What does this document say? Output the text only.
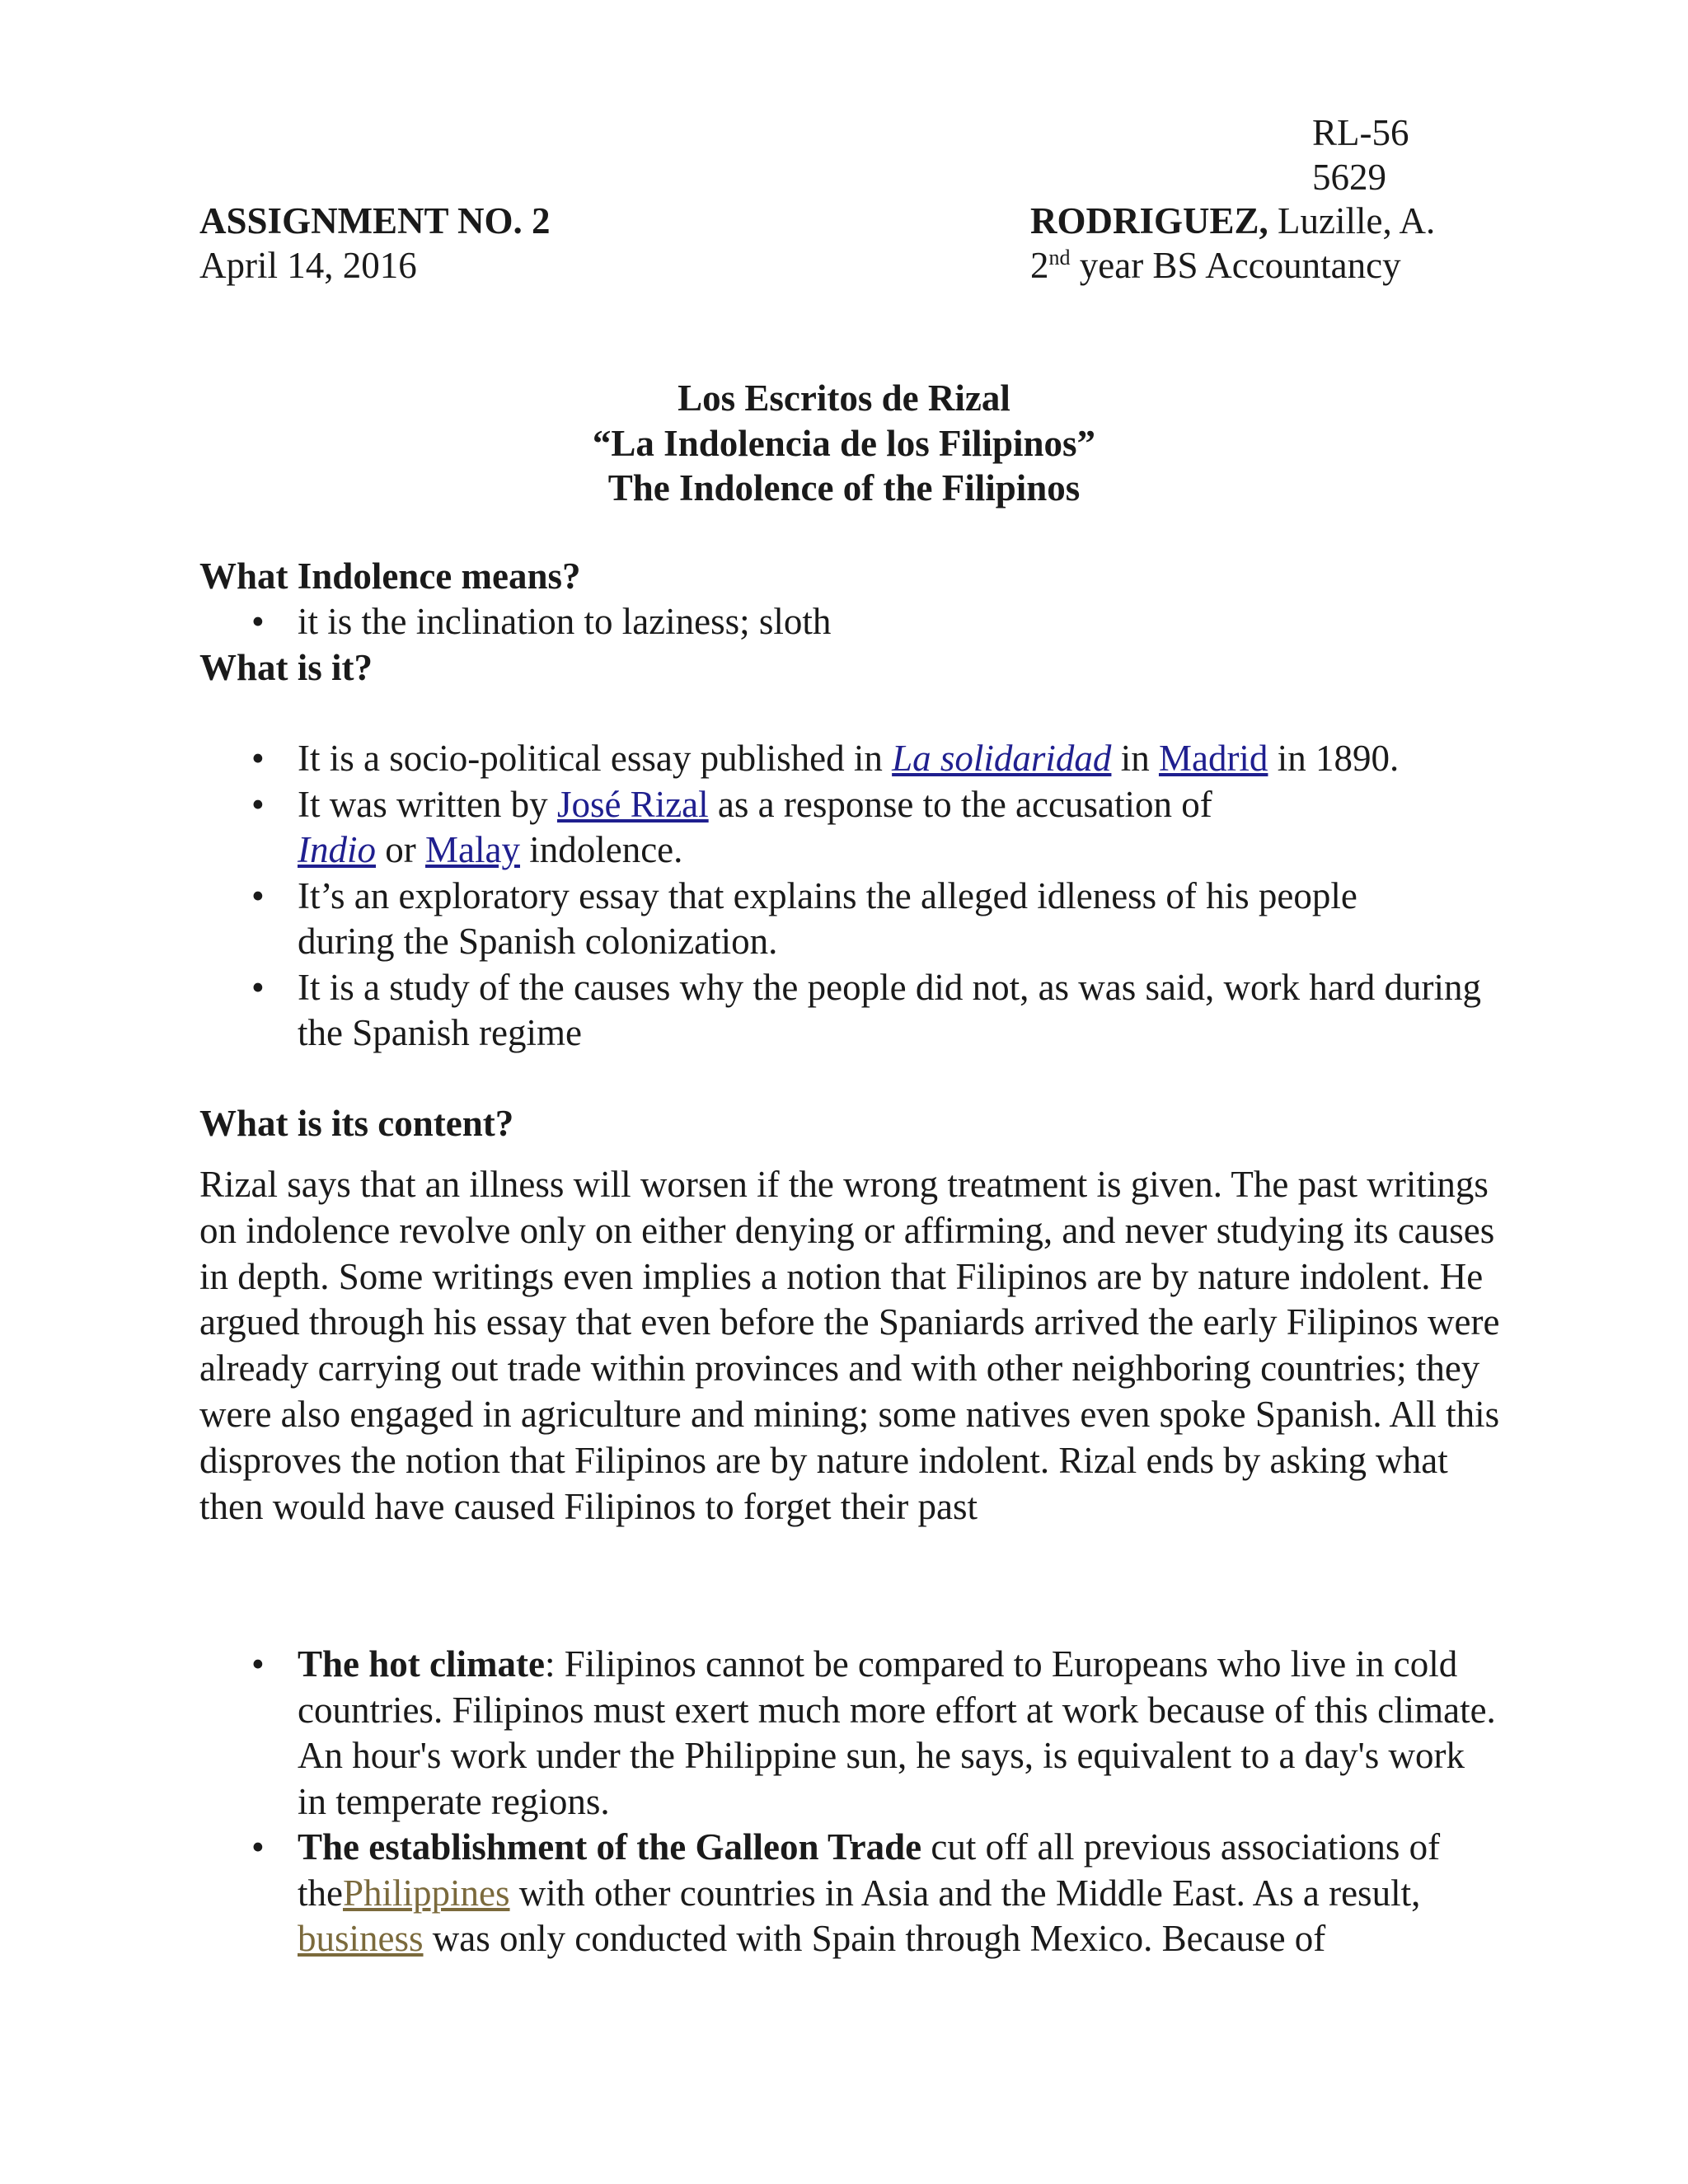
RL-56
5629
ASSIGNMENT NO. 2
April 14, 2016
RODRIGUEZ, Luzille, A.
2nd year BS Accountancy
Los Escritos de Rizal
“La Indolencia de los Filipinos”
The Indolence of the Filipinos
What Indolence means?
• it is the inclination to laziness; sloth
What is it?
• It is a socio-political essay published in La solidaridad in Madrid in 1890.
• It was written by José Rizal as a response to the accusation of Indio or Malay indolence.
• It’s an exploratory essay that explains the alleged idleness of his people during the Spanish colonization.
• It is a study of the causes why the people did not, as was said, work hard during the Spanish regime
What is its content?
Rizal says that an illness will worsen if the wrong treatment is given. The past writings on indolence revolve only on either denying or affirming, and never studying its causes in depth. Some writings even implies a notion that Filipinos are by nature indolent. He argued through his essay that even before the Spaniards arrived the early Filipinos were already carrying out trade within provinces and with other neighboring countries; they were also engaged in agriculture and mining; some natives even spoke Spanish. All this disproves the notion that Filipinos are by nature indolent. Rizal ends by asking what then would have caused Filipinos to forget their past
• The hot climate: Filipinos cannot be compared to Europeans who live in cold countries. Filipinos must exert much more effort at work because of this climate. An hour's work under the Philippine sun, he says, is equivalent to a day's work in temperate regions.
• The establishment of the Galleon Trade cut off all previous associations of thePhilippines with other countries in Asia and the Middle East. As a result, business was only conducted with Spain through Mexico. Because of
